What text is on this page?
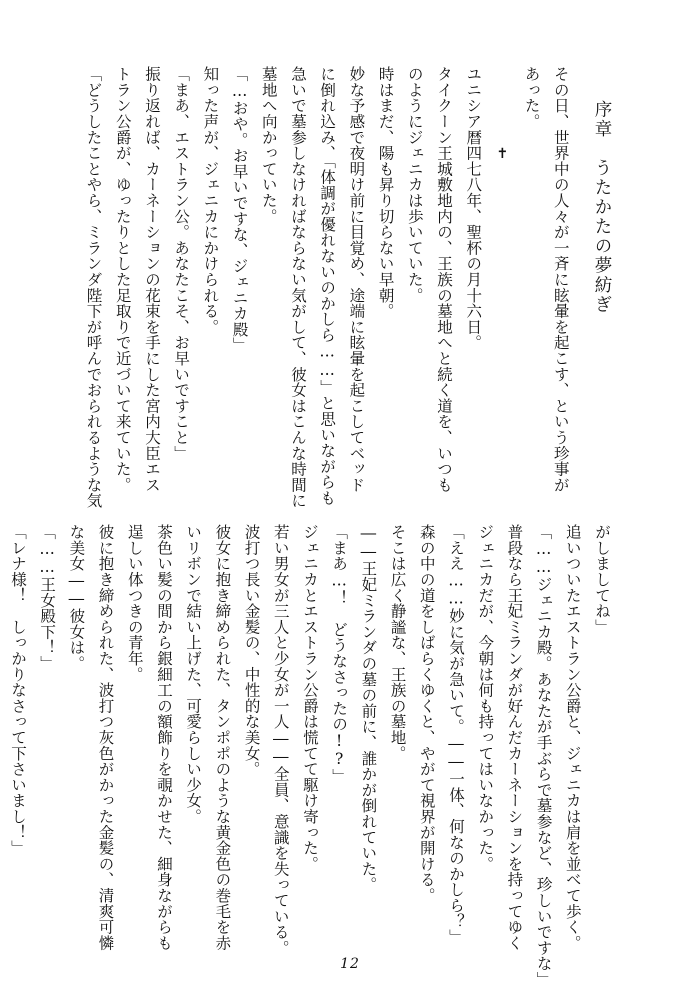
序章　うたかたの夢紡ぎ
その日、世界中の人々が一斉に眩暈を起こす、という珍事が
あった。
✝
ユニシア暦四七八年、聖杯の月十六日。
タイクーン王城敷地内の、王族の墓地へと続く道を、いつも
のようにジェニカは歩いていた。
時はまだ、陽も昇り切らない早朝。
妙な予感で夜明け前に目覚め、途端に眩暈を起こしてベッド
に倒れ込み、「体調が優れないのかしら……」と思いながらも
急いで墓参しなければならない気がして、彼女はこんな時間に
墓地へ向かっていた。
「…おや。お早いですな、ジェニカ殿」
知った声が、ジェニカにかけられる。
「まあ、エストラン公。あなたこそ、お早いですこと」
振り返れば、カーネーションの花束を手にした宮内大臣エス
トラン公爵が、ゆったりとした足取りで近づいて来ていた。
「どうしたことやら、ミランダ陛下が呼んでおられるような気
がしましてね」
追いついたエストラン公爵と、ジェニカは肩を並べて歩く。
「……ジェニカ殿。あなたが手ぶらで墓参など、珍しいですな」
普段なら王妃ミランダが好んだカーネーションを持ってゆく
ジェニカだが、今朝は何も持ってはいなかった。
「ええ……妙に気が急いて。――一体、何なのかしら？」
森の中の道をしばらくゆくと、やがて視界が開ける。
そこは広く静謐な、王族の墓地。
――王妃ミランダの墓の前に、誰かが倒れていた。
「まあ…！　どうなさったの!?」
ジェニカとエストラン公爵は慌てて駆け寄った。
若い男女が三人と少女が一人――全員、意識を失っている。
波打つ長い金髪の、中性的な美女。
彼女に抱き締められた、タンポポのような黄金色の巻毛を赤
いリボンで結い上げた、可愛らしい少女。
茶色い髪の間から銀細工の額飾りを覗かせた、細身ながらも
逞しい体つきの青年。
彼に抱き締められた、波打つ灰色がかった金髪の、清爽可憐
な美女――彼女は。
「……王女殿下！」
「レナ様！　しっかりなさって下さいまし！」
12
